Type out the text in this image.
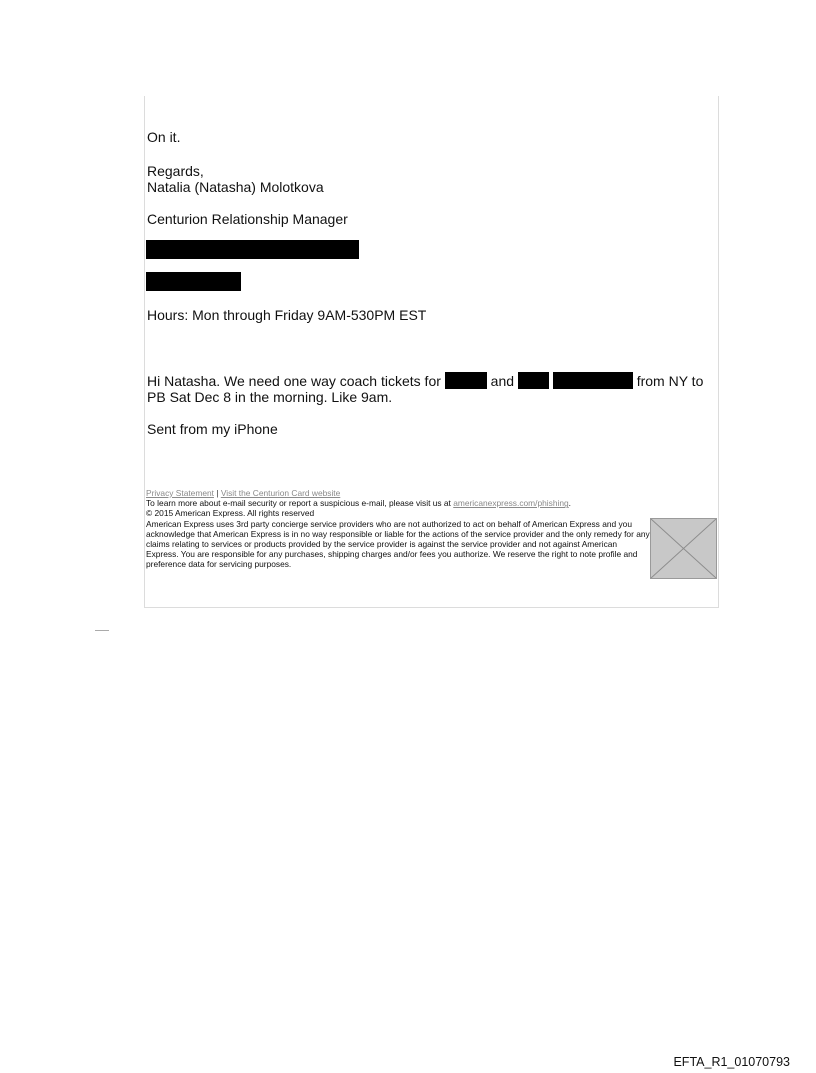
On it.
Regards,
Natalia (Natasha) Molotkova
Centurion Relationship Manager
Hours: Mon through Friday 9AM-530PM EST
Hi Natasha. We need one way coach tickets for	and	from NY to PB Sat Dec 8 in the morning. Like 9am.
Sent from my iPhone
Privacy Statement | Visit the Centurion Card website
To learn more about e-mail security or report a suspicious e-mail, please visit us at americanexpress.com/phishing.
© 2015 American Express. All rights reserved
American Express uses 3rd party concierge service providers who are not authorized to act on behalf of American Express and you acknowledge that American Express is in no way responsible or liable for the actions of the service provider and the only remedy for any claims relating to services or products provided by the service provider is against the service provider and not against American Express. You are responsible for any purchases, shipping charges and/or fees you authorize. We reserve the right to note profile and preference data for servicing purposes.
EFTA_R1_01070793
